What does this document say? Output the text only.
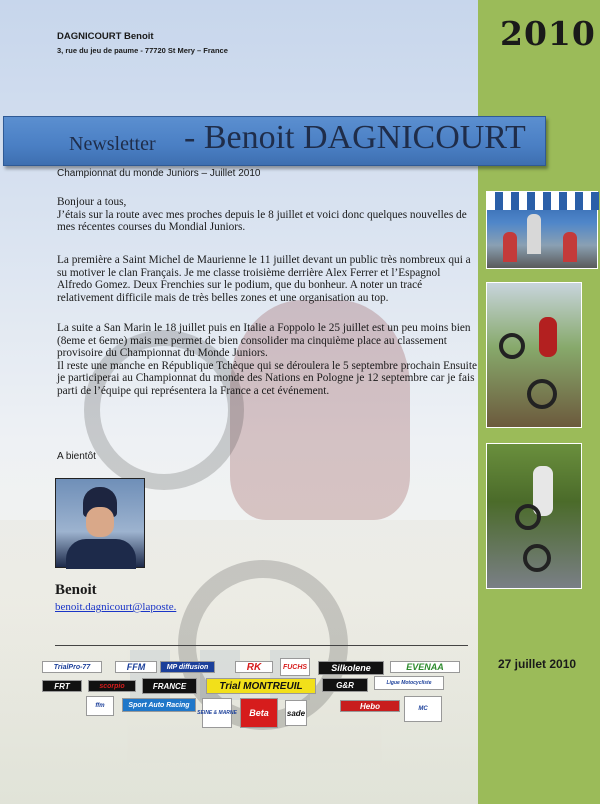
2010
27 juillet 2010
DAGNICOURT Benoit
3, rue du jeu de paume - 77720 St Mery – France
Newsletter - Benoit DAGNICOURT
Championnat du monde Juniors – Juillet 2010
Bonjour a tous,
J’étais sur la route avec mes proches depuis le 8 juillet et voici donc quelques nouvelles de mes récentes courses du Mondial Juniors.
La première a Saint Michel de Maurienne le 11 juillet devant un public très nombreux qui a su motiver le clan Français. Je me classe troisième derrière Alex Ferrer et l’Espagnol Alfredo Gomez. Deux Frenchies sur le podium, que du bonheur. A noter un tracé relativement difficile mais de très belles zones et une organisation au top.
La suite a San Marin le 18 juillet puis en Italie a Foppolo le 25 juillet est un peu moins bien (8eme et 6eme) mais me permet de bien consolider ma cinquième place au classement provisoire du Championnat du Monde Juniors.
Il reste une manche en République Tchèque qui se déroulera le 5 septembre prochain Ensuite je participerai au Championnat du monde des Nations en Pologne je 12 septembre car je fais parti de l’équipe qui représentera la France a cet événement.
A bientôt
Benoit
benoit.dagnicourt@laposte.
TrialPro-77	FFM	MP diffusion	RK	FUCHS	Silkolene	EVENAA
FRT	scorpio	FRANCE	Trial MONTREUIL	G&R	Ligue Motocycliste
ffm	Sport Auto Racing
SEINE & MARNE	Beta	sade
Hebo	MC
